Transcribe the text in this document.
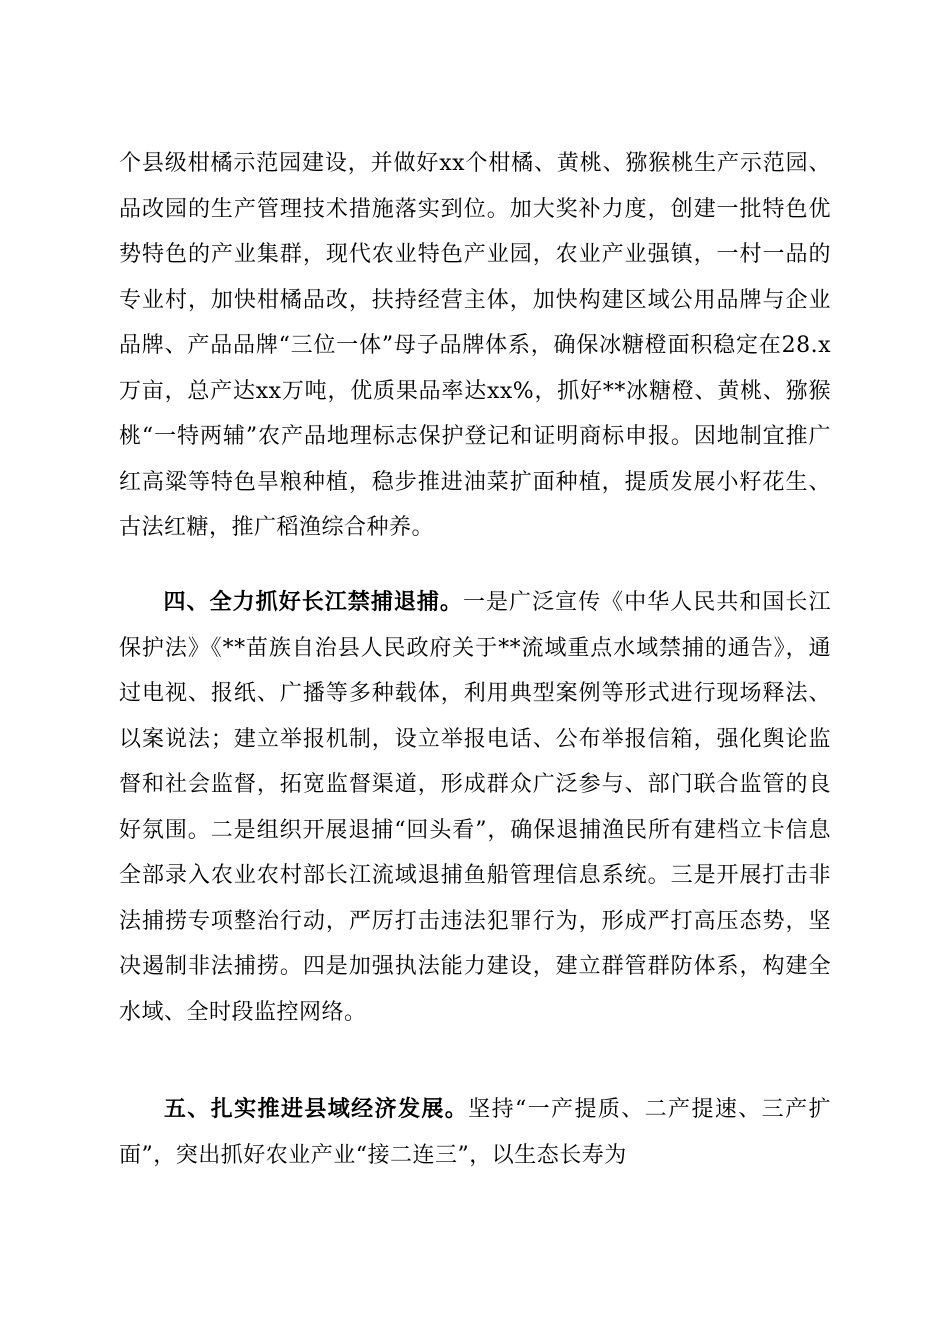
个县级柑橘示范园建设，并做好xx个柑橘、黄桃、猕猴桃生产示范园、品改园的生产管理技术措施落实到位。加大奖补力度，创建一批特色优势特色的产业集群，现代农业特色产业园，农业产业强镇，一村一品的专业村，加快柑橘品改，扶持经营主体，加快构建区域公用品牌与企业品牌、产品品牌“三位一体”母子品牌体系，确保冰糖橙面积稳定在28.x万亩，总产达xx万吨，优质果品率达xx%，抓好**冰糖橙、黄桃、猕猴桃“一特两辅”农产品地理标志保护登记和证明商标申报。因地制宜推广红高粱等特色旱粮种植，稳步推进油菜扩面种植，提质发展小籽花生、古法红糖，推广稻渔综合种养。
四、全力抓好长江禁捕退捕。一是广泛宣传《中华人民共和国长江保护法》《**苗族自治县人民政府关于**流域重点水域禁捕的通告》，通过电视、报纸、广播等多种载体，利用典型案例等形式进行现场释法、以案说法；建立举报机制，设立举报电话、公布举报信箱，强化舆论监督和社会监督，拓宽监督渠道，形成群众广泛参与、部门联合监管的良好氛围。二是组织开展退捕“回头看”，确保退捕渔民所有建档立卡信息全部录入农业农村部长江流域退捕鱼船管理信息系统。三是开展打击非法捕捞专项整治行动，严厉打击违法犯罪行为，形成严打高压态势，坚决遏制非法捕捞。四是加强执法能力建设，建立群管群防体系，构建全水域、全时段监控网络。
五、扎实推进县域经济发展。坚持“一产提质、二产提速、三产扩面”，突出抓好农业产业“接二连三”，以生态长寿为
